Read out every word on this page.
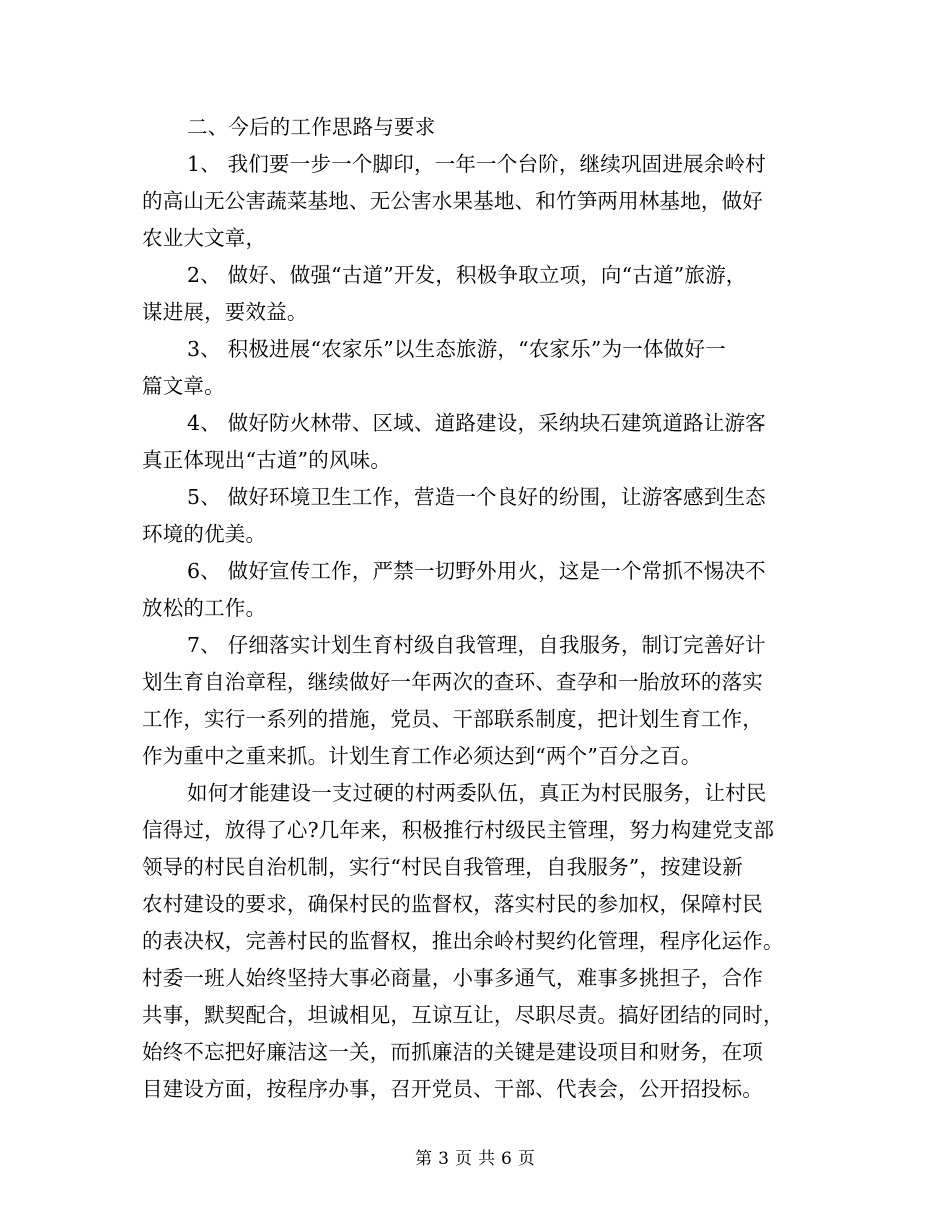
二、今后的工作思路与要求
1、 我们要一步一个脚印，一年一个台阶，继续巩固进展余岭村
的高山无公害蔬菜基地、无公害水果基地、和竹笋两用林基地，做好
农业大文章，
2、 做好、做强“古道”开发，积极争取立项，向“古道”旅游，
谋进展，要效益。
3、 积极进展“农家乐”以生态旅游，“农家乐”为一体做好一
篇文章。
4、 做好防火林带、区域、道路建设，采纳块石建筑道路让游客
真正体现出“古道”的风味。
5、 做好环境卫生工作，营造一个良好的纷围，让游客感到生态
环境的优美。
6、 做好宣传工作，严禁一切野外用火，这是一个常抓不惕决不
放松的工作。
7、 仔细落实计划生育村级自我管理，自我服务，制订完善好计
划生育自治章程，继续做好一年两次的查环、查孕和一胎放环的落实
工作，实行一系列的措施，党员、干部联系制度，把计划生育工作，
作为重中之重来抓。计划生育工作必须达到“两个”百分之百。
如何才能建设一支过硬的村两委队伍，真正为村民服务，让村民
信得过，放得了心?几年来，积极推行村级民主管理，努力构建党支部
领导的村民自治机制，实行“村民自我管理，自我服务”，按建设新
农村建设的要求，确保村民的监督权，落实村民的参加权，保障村民
的表决权，完善村民的监督权，推出余岭村契约化管理，程序化运作。
村委一班人始终坚持大事必商量，小事多通气，难事多挑担子，合作
共事，默契配合，坦诚相见，互谅互让，尽职尽责。搞好团结的同时，
始终不忘把好廉洁这一关，而抓廉洁的关键是建设项目和财务，在项
目建设方面，按程序办事，召开党员、干部、代表会，公开招投标。
第 3 页 共 6 页
